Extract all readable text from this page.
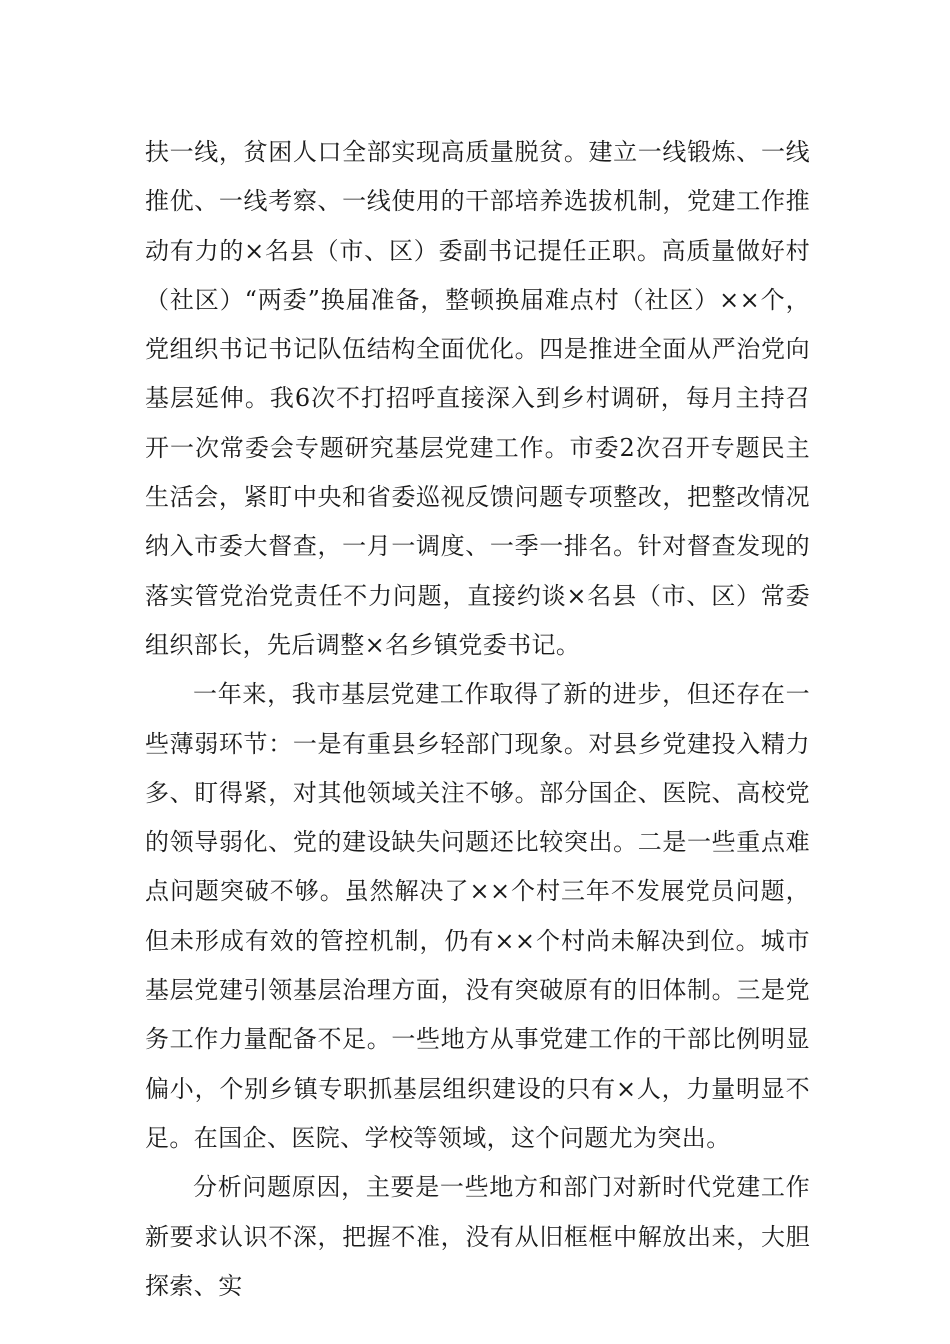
扶一线，贫困人口全部实现高质量脱贫。建立一线锻炼、一线推优、一线考察、一线使用的干部培养选拔机制，党建工作推动有力的×名县（市、区）委副书记提任正职。高质量做好村（社区）“两委”换届准备，整顿换届难点村（社区）××个，党组织书记书记队伍结构全面优化。四是推进全面从严治党向基层延伸。我6次不打招呼直接深入到乡村调研，每月主持召开一次常委会专题研究基层党建工作。市委2次召开专题民主生活会，紧盯中央和省委巡视反馈问题专项整改，把整改情况纳入市委大督查，一月一调度、一季一排名。针对督查发现的落实管党治党责任不力问题，直接约谈×名县（市、区）常委组织部长，先后调整×名乡镇党委书记。

一年来，我市基层党建工作取得了新的进步，但还存在一些薄弱环节：一是有重县乡轻部门现象。对县乡党建投入精力多、盯得紧，对其他领域关注不够。部分国企、医院、高校党的领导弱化、党的建设缺失问题还比较突出。二是一些重点难点问题突破不够。虽然解决了××个村三年不发展党员问题，但未形成有效的管控机制，仍有××个村尚未解决到位。城市基层党建引领基层治理方面，没有突破原有的旧体制。三是党务工作力量配备不足。一些地方从事党建工作的干部比例明显偏小，个别乡镇专职抓基层组织建设的只有×人，力量明显不足。在国企、医院、学校等领域，这个问题尤为突出。

分析问题原因，主要是一些地方和部门对新时代党建工作新要求认识不深，把握不准，没有从旧框框中解放出来，大胆探索、实
